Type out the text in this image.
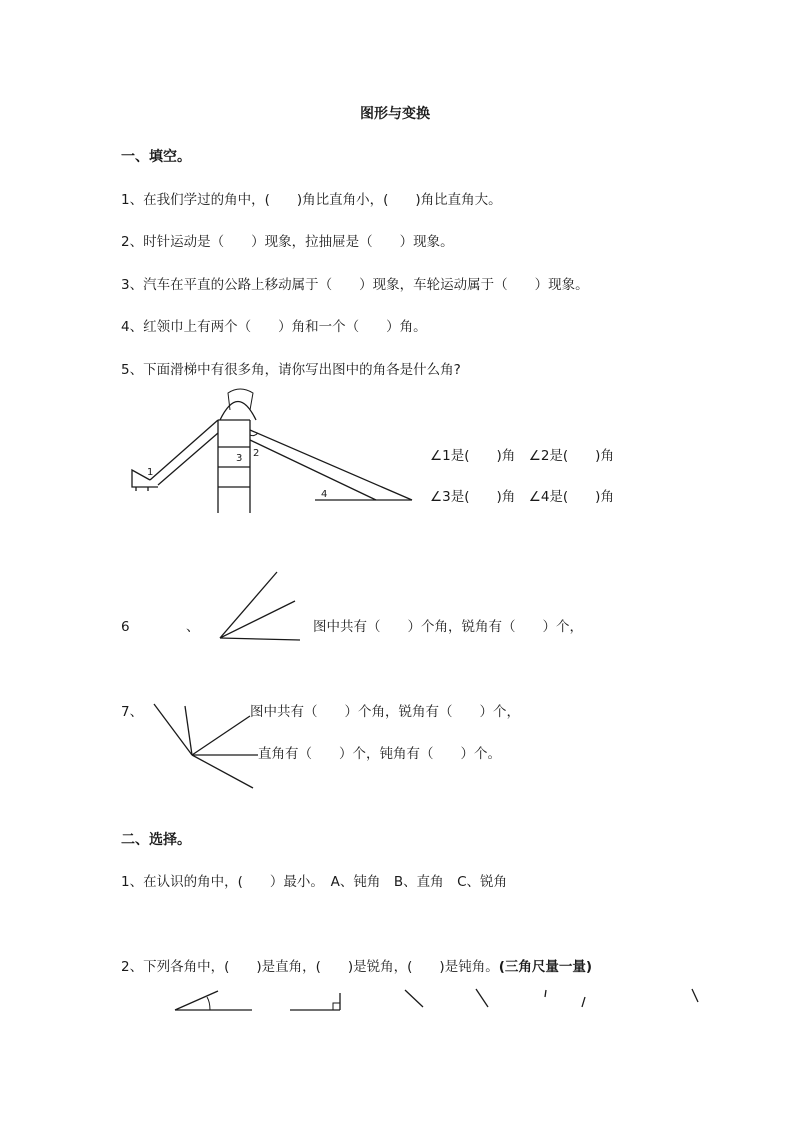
图形与变换
一、填空。
1、在我们学过的角中，(　　)角比直角小，(　　)角比直角大。
2、时针运动是（　　）现象，拉抽屉是（　　）现象。
3、汽车在平直的公路上移动属于（　　）现象，车轮运动属于（　　）现象。
4、红领巾上有两个（　　）角和一个（　　）角。
5、下面滑梯中有很多角，请你写出图中的角各是什么角?
1
2
3
4
∠1是(　　)角　∠2是(　　)角
∠3是(　　)角　∠4是(　　)角
6	、	图中共有（　　）个角，锐角有（　　）个，
7、	图中共有（　　）个角，锐角有（　　）个，
直角有（　　）个，钝角有（　　）个。
二、选择。
1、在认识的角中，(　　）最小。　A、钝角　B、直角　C、锐角
2、下列各角中，(　　)是直角，(　　)是锐角，(　　)是钝角。(三角尺量一量)
